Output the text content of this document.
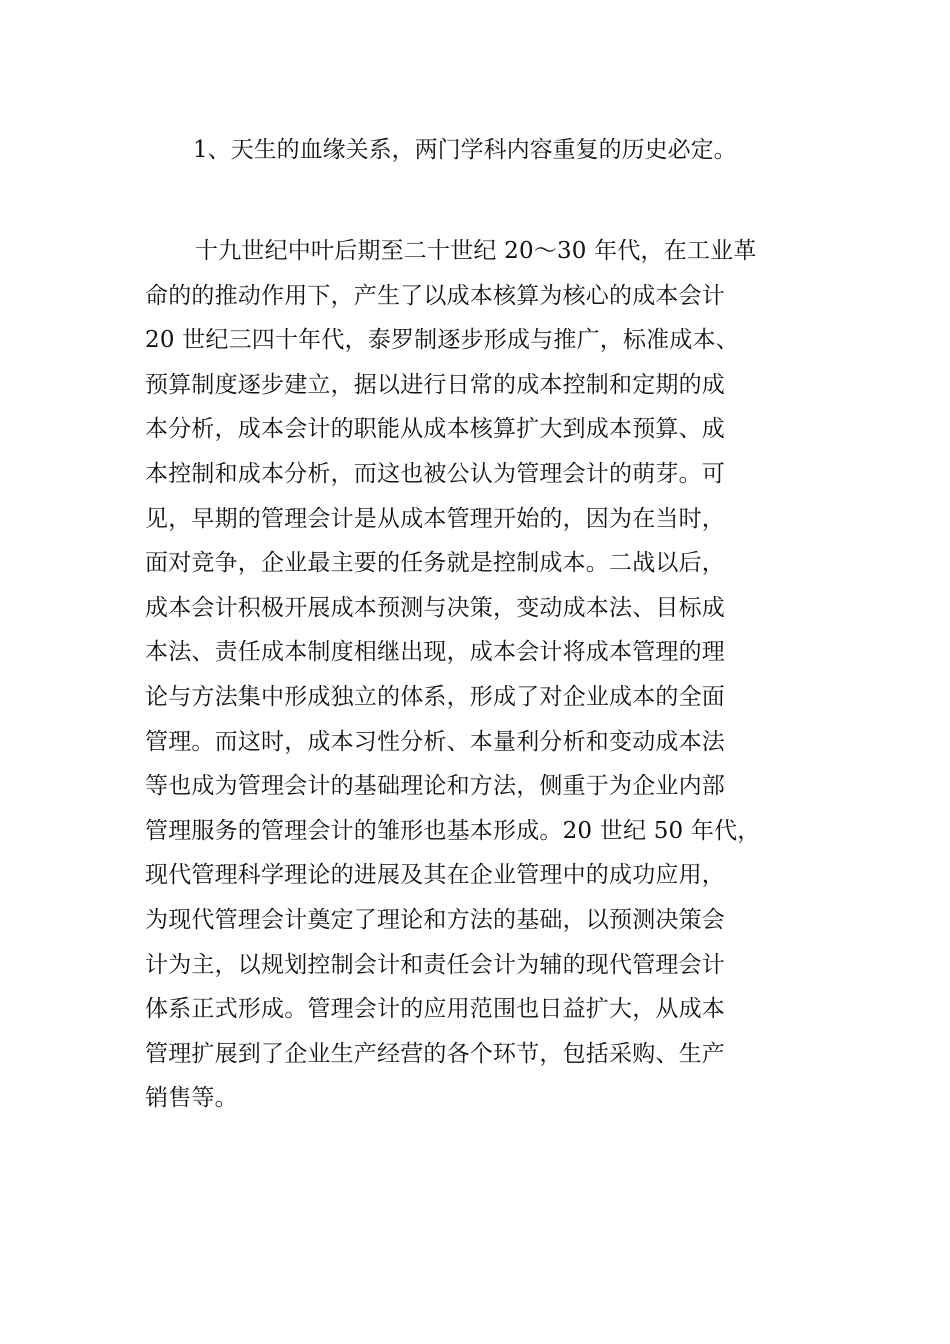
1、天生的血缘关系，两门学科内容重复的历史必定。
十九世纪中叶后期至二十世纪 20～30 年代，在工业革
命的的推动作用下，产生了以成本核算为核心的成本会计
20 世纪三四十年代，泰罗制逐步形成与推广，标准成本、
预算制度逐步建立，据以进行日常的成本控制和定期的成
本分析，成本会计的职能从成本核算扩大到成本预算、成
本控制和成本分析，而这也被公认为管理会计的萌芽。可
见，早期的管理会计是从成本管理开始的，因为在当时，
面对竞争，企业最主要的任务就是控制成本。二战以后，
成本会计积极开展成本预测与决策，变动成本法、目标成
本法、责任成本制度相继出现，成本会计将成本管理的理
论与方法集中形成独立的体系，形成了对企业成本的全面
管理。而这时，成本习性分析、本量利分析和变动成本法
等也成为管理会计的基础理论和方法，侧重于为企业内部
管理服务的管理会计的雏形也基本形成。20 世纪 50 年代，
现代管理科学理论的进展及其在企业管理中的成功应用，
为现代管理会计奠定了理论和方法的基础，以预测决策会
计为主，以规划控制会计和责任会计为辅的现代管理会计
体系正式形成。管理会计的应用范围也日益扩大，从成本
管理扩展到了企业生产经营的各个环节，包括采购、生产
销售等。
